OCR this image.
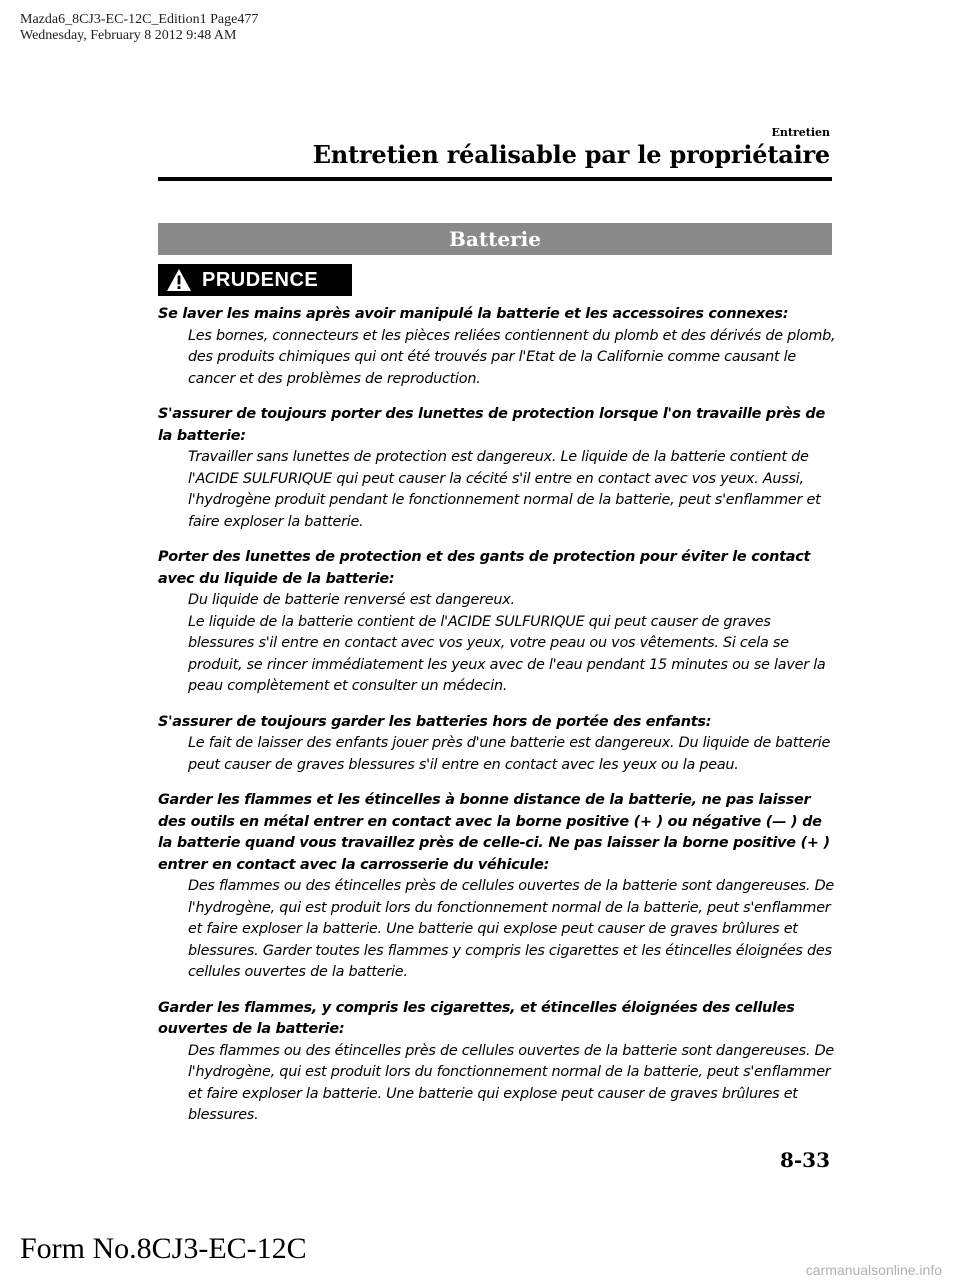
Mazda6_8CJ3-EC-12C_Edition1 Page477
Wednesday, February 8 2012 9:48 AM
Entretien
Entretien réalisable par le propriétaire
Batterie
PRUDENCE
Se laver les mains après avoir manipulé la batterie et les accessoires connexes:

Les bornes, connecteurs et les pièces reliées contiennent du plomb et des dérivés de plomb, des produits chimiques qui ont été trouvés par l'Etat de la Californie comme causant le cancer et des problèmes de reproduction.

S'assurer de toujours porter des lunettes de protection lorsque l'on travaille près de la batterie:

Travailler sans lunettes de protection est dangereux. Le liquide de la batterie contient de l'ACIDE SULFURIQUE qui peut causer la cécité s'il entre en contact avec vos yeux. Aussi, l'hydrogène produit pendant le fonctionnement normal de la batterie, peut s'enflammer et faire exploser la batterie.

Porter des lunettes de protection et des gants de protection pour éviter le contact avec du liquide de la batterie:

Du liquide de batterie renversé est dangereux.

Le liquide de la batterie contient de l'ACIDE SULFURIQUE qui peut causer de graves blessures s'il entre en contact avec vos yeux, votre peau ou vos vêtements. Si cela se produit, se rincer immédiatement les yeux avec de l'eau pendant 15 minutes ou se laver la peau complètement et consulter un médecin.

S'assurer de toujours garder les batteries hors de portée des enfants:

Le fait de laisser des enfants jouer près d'une batterie est dangereux. Du liquide de batterie peut causer de graves blessures s'il entre en contact avec les yeux ou la peau.

Garder les flammes et les étincelles à bonne distance de la batterie, ne pas laisser des outils en métal entrer en contact avec la borne positive (+ ) ou négative (— ) de la batterie quand vous travaillez près de celle-ci. Ne pas laisser la borne positive (+ ) entrer en contact avec la carrosserie du véhicule:

Des flammes ou des étincelles près de cellules ouvertes de la batterie sont dangereuses. De l'hydrogène, qui est produit lors du fonctionnement normal de la batterie, peut s'enflammer et faire exploser la batterie. Une batterie qui explose peut causer de graves brûlures et blessures. Garder toutes les flammes y compris les cigarettes et les étincelles éloignées des cellules ouvertes de la batterie.

Garder les flammes, y compris les cigarettes, et étincelles éloignées des cellules ouvertes de la batterie:

Des flammes ou des étincelles près de cellules ouvertes de la batterie sont dangereuses. De l'hydrogène, qui est produit lors du fonctionnement normal de la batterie, peut s'enflammer et faire exploser la batterie. Une batterie qui explose peut causer de graves brûlures et blessures.

8-33
Form No.8CJ3-EC-12C
carmanualsonline.info
